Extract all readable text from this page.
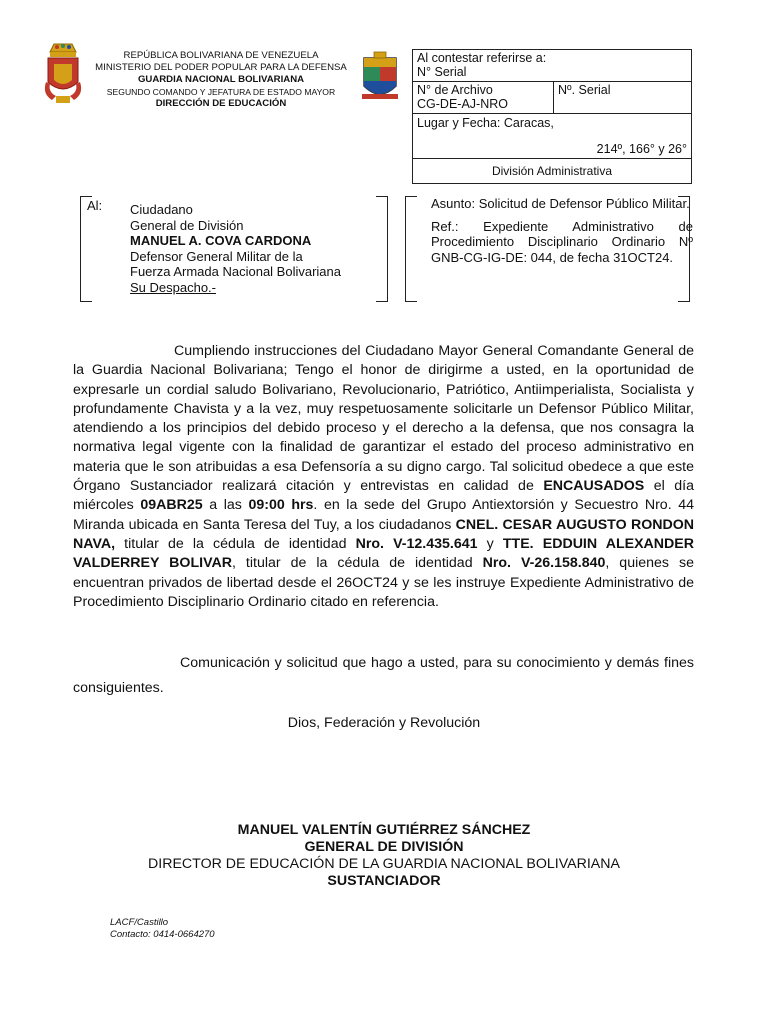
REPÚBLICA BOLIVARIANA DE VENEZUELA
MINISTERIO DEL PODER POPULAR PARA LA DEFENSA
GUARDIA NACIONAL BOLIVARIANA
SEGUNDO COMANDO Y JEFATURA DE ESTADO MAYOR
DIRECCIÓN DE EDUCACIÓN
Al contestar referirse a:
N° Serial
N° de Archivo
CG-DE-AJ-NRO
Nº. Serial
Lugar y Fecha: Caracas,
214º, 166° y 26°
División Administrativa
Al: Ciudadano
General de División
MANUEL A. COVA CARDONA
Defensor General Militar de la
Fuerza Armada Nacional Bolivariana
Su Despacho.-

Asunto: Solicitud de Defensor Público Militar.

Ref.: Expediente Administrativo de Procedimiento Disciplinario Ordinario Nº GNB-CG-IG-DE: 044, de fecha 31OCT24.

Cumpliendo instrucciones del Ciudadano Mayor General Comandante General de la Guardia Nacional Bolivariana; Tengo el honor de dirigirme a usted, en la oportunidad de expresarle un cordial saludo Bolivariano, Revolucionario, Patriótico, Antiimperialista, Socialista y profundamente Chavista y a la vez, muy respetuosamente solicitarle un Defensor Público Militar, atendiendo a los principios del debido proceso y el derecho a la defensa, que nos consagra la normativa legal vigente con la finalidad de garantizar el estado del proceso administrativo en materia que le son atribuidas a esa Defensoría a su digno cargo. Tal solicitud obedece a que este Órgano Sustanciador realizará citación y entrevistas en calidad de ENCAUSADOS el día miércoles 09ABR25 a las 09:00 hrs. en la sede del Grupo Antiextorsión y Secuestro Nro. 44 Miranda ubicada en Santa Teresa del Tuy, a los ciudadanos CNEL. CESAR AUGUSTO RONDON NAVA, titular de la cédula de identidad Nro. V-12.435.641 y TTE. EDDUIN ALEXANDER VALDERREY BOLIVAR, titular de la cédula de identidad Nro. V-26.158.840, quienes se encuentran privados de libertad desde el 26OCT24 y se les instruye Expediente Administrativo de Procedimiento Disciplinario Ordinario citado en referencia.

Comunicación y solicitud que hago a usted, para su conocimiento y demás fines consiguientes.

Dios, Federación y Revolución
MANUEL VALENTÍN GUTIÉRREZ SÁNCHEZ
GENERAL DE DIVISIÓN
DIRECTOR DE EDUCACIÓN DE LA GUARDIA NACIONAL BOLIVARIANA
SUSTANCIADOR
LACF/Castillo
Contacto: 0414-0664270
